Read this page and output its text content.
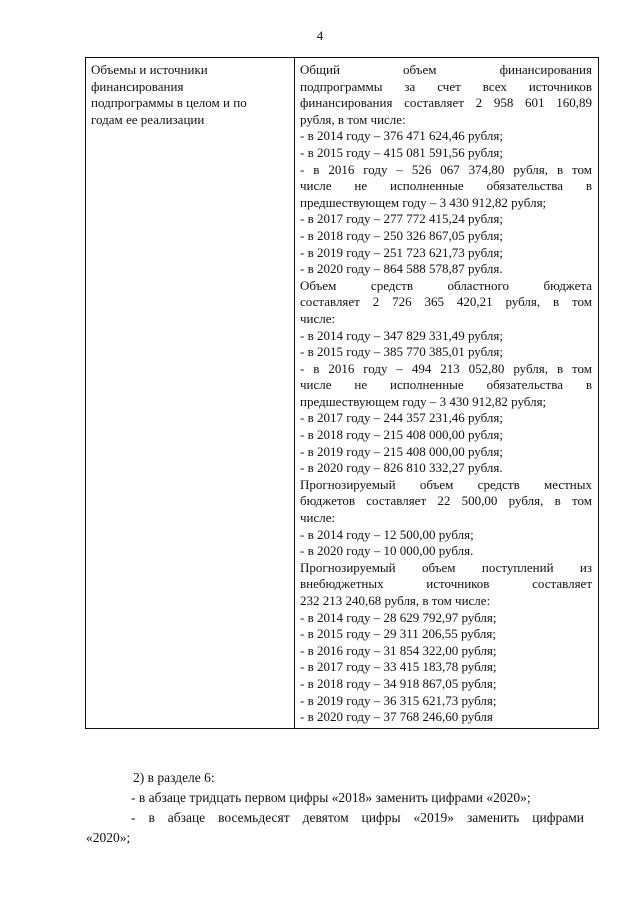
4
Объемы и источники
финансирования
подпрограммы в целом и по
годам ее реализации

Общий объем финансирования
подпрограммы за счет всех источников
финансирования составляет 2 958 601 160,89
рубля, в том числе:
- в 2014 году – 376 471 624,46 рубля;
- в 2015 году – 415 081 591,56 рубля;
- в 2016 году – 526 067 374,80 рубля, в том
числе не исполненные обязательства в
предшествующем году – 3 430 912,82 рубля;
- в 2017 году – 277 772 415,24 рубля;
- в 2018 году – 250 326 867,05 рубля;
- в 2019 году – 251 723 621,73 рубля;
- в 2020 году – 864 588 578,87 рубля.
Объем средств областного бюджета
составляет 2 726 365 420,21 рубля, в том
числе:
- в 2014 году – 347 829 331,49 рубля;
- в 2015 году – 385 770 385,01 рубля;
- в 2016 году – 494 213 052,80 рубля, в том
числе не исполненные обязательства в
предшествующем году – 3 430 912,82 рубля;
- в 2017 году – 244 357 231,46 рубля;
- в 2018 году – 215 408 000,00 рубля;
- в 2019 году – 215 408 000,00 рубля;
- в 2020 году – 826 810 332,27 рубля.
Прогнозируемый объем средств местных
бюджетов составляет 22 500,00 рубля, в том
числе:
- в 2014 году – 12 500,00 рубля;
- в 2020 году – 10 000,00 рубля.
Прогнозируемый объем поступлений из
внебюджетных источников составляет
232 213 240,68 рубля, в том числе:
- в 2014 году – 28 629 792,97 рубля;
- в 2015 году – 29 311 206,55 рубля;
- в 2016 году – 31 854 322,00 рубля;
- в 2017 году – 33 415 183,78 рубля;
- в 2018 году – 34 918 867,05 рубля;
- в 2019 году – 36 315 621,73 рубля;
- в 2020 году – 37 768 246,60 рубля
2) в разделе 6:
- в абзаце тридцать первом цифры «2018» заменить цифрами «2020»;
- в абзаце восемьдесят девятом цифры «2019» заменить цифрами
«2020»;
